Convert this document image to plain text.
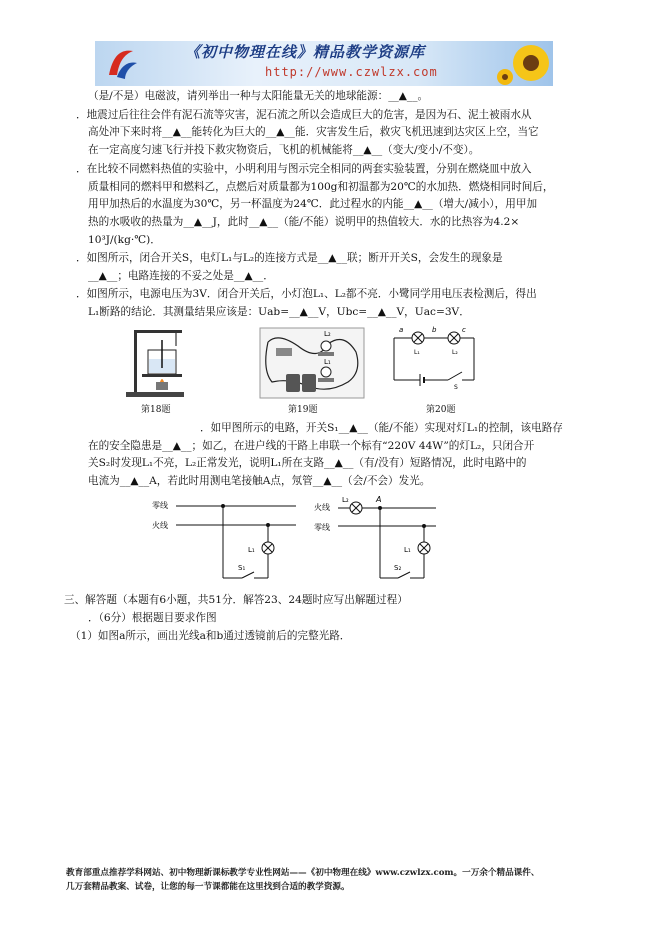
《初中物理在线》精品教学资源库
http://www.czwlzx.com
（是/不是）电磁波，请列举出一种与太阳能量无关的地球能源：__▲__。
．地震过后往往会伴有泥石流等灾害，泥石流之所以会造成巨大的危害，是因为石、泥土被雨水从
高处冲下来时将__▲__能转化为巨大的__▲__能．灾害发生后，救灾飞机迅速到达灾区上空，当它
在一定高度匀速飞行并投下救灾物资后，飞机的机械能将__▲__（变大/变小/不变）。
．在比较不同燃料热值的实验中，小明利用与图示完全相同的两套实验装置，分别在燃烧皿中放入
质量相同的燃料甲和燃料乙，点燃后对质量都为100g和初温都为20℃的水加热．燃烧相同时间后，
用甲加热后的水温度为30℃，另一杯温度为24℃．此过程水的内能__▲__（增大/减小），用甲加
热的水吸收的热量为__▲__J，此时__▲__（能/不能）说明甲的热值较大．水的比热容为4.2×
10³J/(kg·℃)．
．如图所示，闭合开关S，电灯L₁与L₂的连接方式是__▲__联；断开开关S，会发生的现象是
__▲__；电路连接的不妥之处是__▲__．
．如图所示，电源电压为3V．闭合开关后，小灯泡L₁、L₂都不亮．小鹭同学用电压表检测后，得出
L₁断路的结论．其测量结果应该是：Uab=__▲__V，Ubc=__▲__V，Uac=3V．
第18题
L₂
L₁
第19题
a	b	c
L₁	L₂
S
第20题
．如甲图所示的电路，开关S₁__▲__（能/不能）实现对灯L₁的控制，该电路存
在的安全隐患是__▲__；如乙，在进户线的干路上串联一个标有“220V 44W”的灯L₂，只闭合开
关S₂时发现L₁不亮，L₂正常发光，说明L₁所在支路__▲__（有/没有）短路情况，此时电路中的
电流为__▲__A，若此时用测电笔接触A点，氖管__▲__（会/不会）发光。
零线
火线
L₁
S₁
火线
零线
L₂	A
L₁
S₂
三、解答题（本题有6小题，共51分．解答23、24题时应写出解题过程）
．（6分）根据题目要求作图
（1）如图a所示，画出光线a和b通过透镜前后的完整光路．
教育部重点推荐学科网站、初中物理新课标教学专业性网站——《初中物理在线》www.czwlzx.com。一万余个精品课件、
几万套精品教案、试卷，让您的每一节课都能在这里找到合适的教学资源。
